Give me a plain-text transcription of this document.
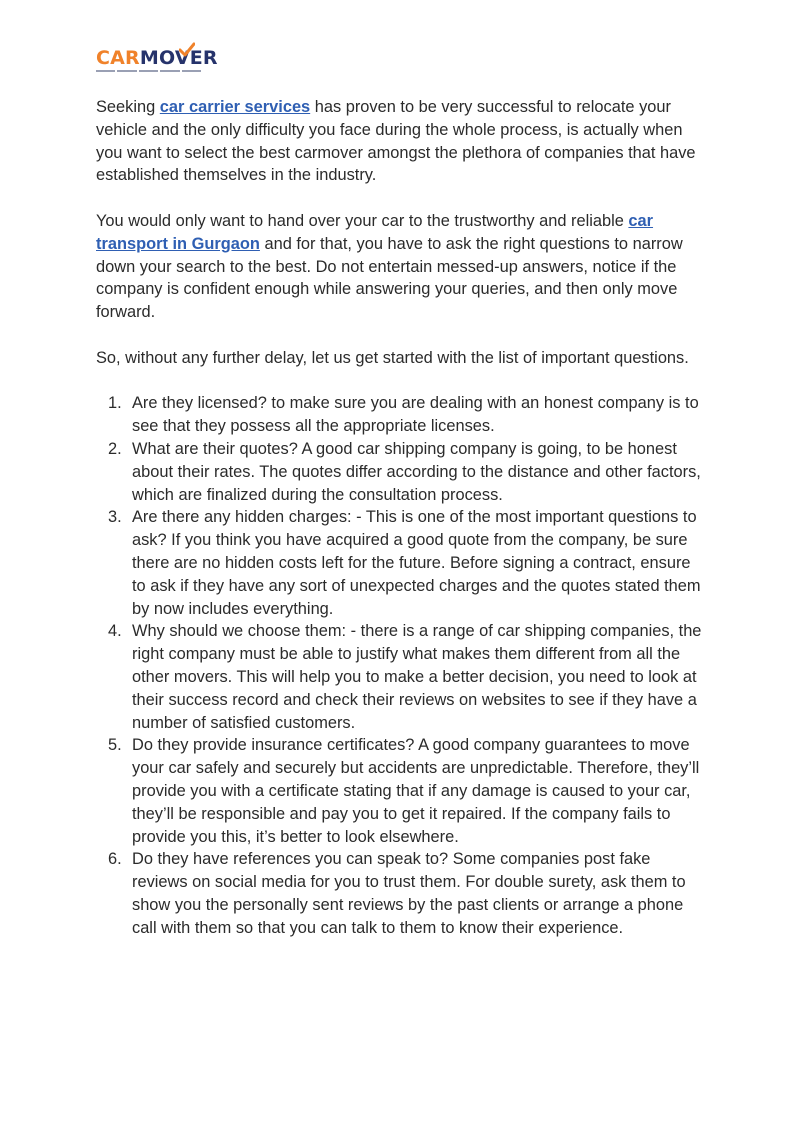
CARMOVER

Seeking car carrier services has proven to be very successful to relocate your vehicle and the only difficulty you face during the whole process, is actually when you want to select the best carmover amongst the plethora of companies that have established themselves in the industry.

You would only want to hand over your car to the trustworthy and reliable car transport in Gurgaon and for that, you have to ask the right questions to narrow down your search to the best. Do not entertain messed-up answers, notice if the company is confident enough while answering your queries, and then only move forward.

So, without any further delay, let us get started with the list of important questions.

1. Are they licensed? to make sure you are dealing with an honest company is to see that they possess all the appropriate licenses.
2. What are their quotes? A good car shipping company is going, to be honest about their rates. The quotes differ according to the distance and other factors, which are finalized during the consultation process.
3. Are there any hidden charges: - This is one of the most important questions to ask? If you think you have acquired a good quote from the company, be sure there are no hidden costs left for the future. Before signing a contract, ensure to ask if they have any sort of unexpected charges and the quotes stated them by now includes everything.
4. Why should we choose them: - there is a range of car shipping companies, the right company must be able to justify what makes them different from all the other movers. This will help you to make a better decision, you need to look at their success record and check their reviews on websites to see if they have a number of satisfied customers.
5. Do they provide insurance certificates? A good company guarantees to move your car safely and securely but accidents are unpredictable. Therefore, they’ll provide you with a certificate stating that if any damage is caused to your car, they’ll be responsible and pay you to get it repaired. If the company fails to provide you this, it’s better to look elsewhere.
6. Do they have references you can speak to? Some companies post fake reviews on social media for you to trust them. For double surety, ask them to show you the personally sent reviews by the past clients or arrange a phone call with them so that you can talk to them to know their experience.
